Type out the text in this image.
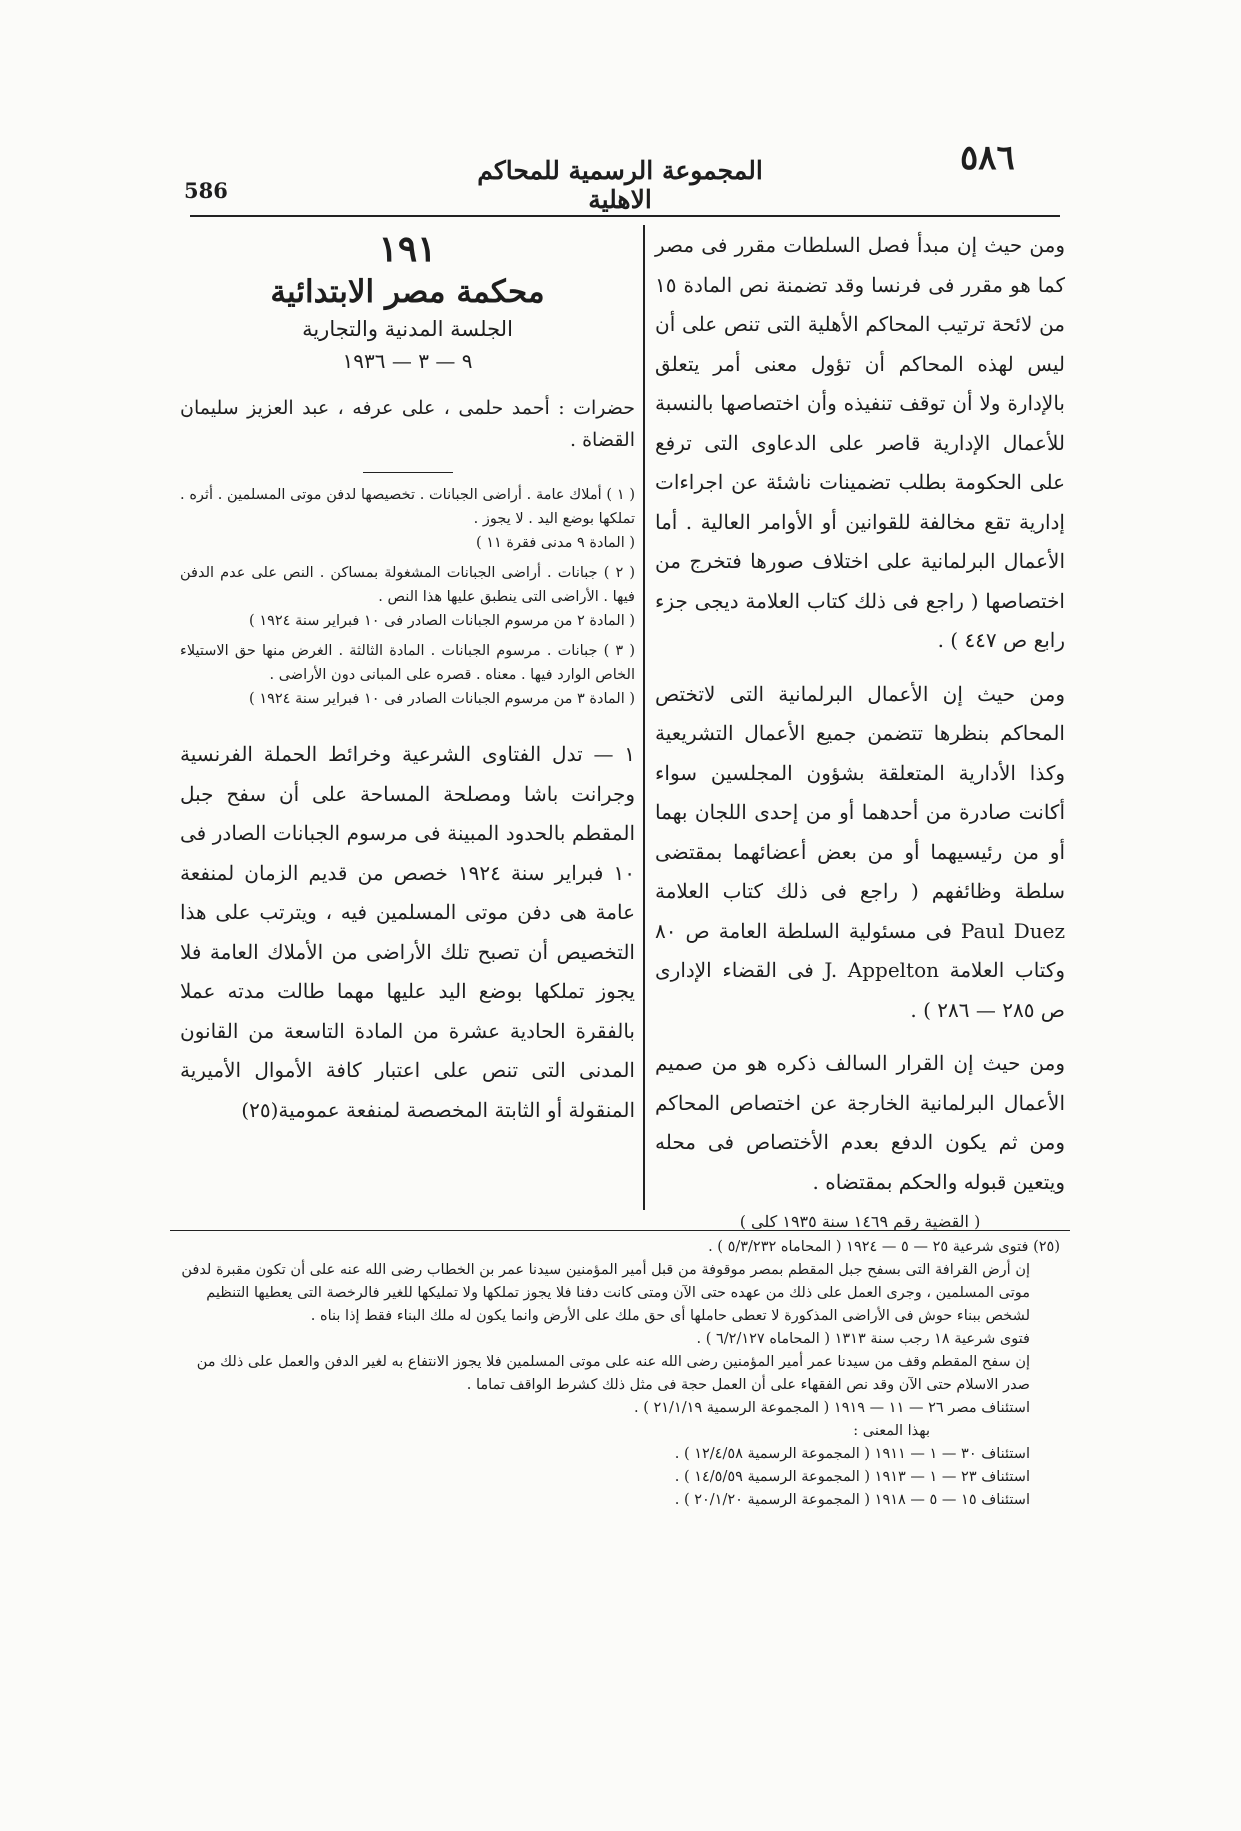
٥٨٦
المجموعة الرسمية للمحاكم الاهلية
586

ومن حيث إن مبدأ فصل السلطات مقرر فى مصر كما هو مقرر فى فرنسا وقد تضمنة نص المادة ١٥ من لائحة ترتيب المحاكم الأهلية التى تنص على أن ليس لهذه المحاكم أن تؤول معنى أمر يتعلق بالإدارة ولا أن توقف تنفيذه وأن اختصاصها بالنسبة للأعمال الإدارية قاصر على الدعاوى التى ترفع على الحكومة بطلب تضمينات ناشئة عن اجراءات إدارية تقع مخالفة للقوانين أو الأوامر العالية . أما الأعمال البرلمانية على اختلاف صورها فتخرج من اختصاصها ( راجع فى ذلك كتاب العلامة ديجى جزء رابع ص ٤٤٧ ) .

ومن حيث إن الأعمال البرلمانية التى لاتختص المحاكم بنظرها تتضمن جميع الأعمال التشريعية وكذا الأدارية المتعلقة بشؤون المجلسين سواء أكانت صادرة من أحدهما أو من إحدى اللجان بهما أو من رئيسيهما أو من بعض أعضائهما بمقتضى سلطة وظائفهم ( راجع فى ذلك كتاب العلامة Paul Duez فى مسئولية السلطة العامة ص ٨٠ وكتاب العلامة J. Appelton فى القضاء الإدارى ص ٢٨٥ — ٢٨٦ ) .

ومن حيث إن القرار السالف ذكره هو من صميم الأعمال البرلمانية الخارجة عن اختصاص المحاكم ومن ثم يكون الدفع بعدم الأختصاص فى محله ويتعين قبوله والحكم بمقتضاه .

( القضية رقم ١٤٦٩ سنة ١٩٣٥ كلى )

١٩١

محكمة مصر الابتدائية

الجلسة المدنية والتجارية

٩ — ٣ — ١٩٣٦

حضرات : أحمد حلمى ، على عرفه ، عبد العزيز سليمان القضاة .

( ١ ) أملاك عامة . أراضى الجبانات . تخصيصها لدفن موتى المسلمين . أثره . تملكها بوضع اليد . لا يجوز .

( المادة ٩ مدنى فقرة ١١ )

( ٢ ) جبانات . أراضى الجبانات المشغولة بمساكن . النص على عدم الدفن فيها . الأراضى التى ينطبق عليها هذا النص .

( المادة ٢ من مرسوم الجبانات الصادر فى ١٠ فبراير سنة ١٩٢٤ )

( ٣ ) جبانات . مرسوم الجبانات . المادة الثالثة . الغرض منها حق الاستيلاء الخاص الوارد فيها . معناه . قصره على المبانى دون الأراضى .

( المادة ٣ من مرسوم الجبانات الصادر فى ١٠ فبراير سنة ١٩٢٤ )

١ — تدل الفتاوى الشرعية وخرائط الحملة الفرنسية وجرانت باشا ومصلحة المساحة على أن سفح جبل المقطم بالحدود المبينة فى مرسوم الجبانات الصادر فى ١٠ فبراير سنة ١٩٢٤ خصص من قديم الزمان لمنفعة عامة هى دفن موتى المسلمين فيه ، ويترتب على هذا التخصيص أن تصبح تلك الأراضى من الأملاك العامة فلا يجوز تملكها بوضع اليد عليها مهما طالت مدته عملا بالفقرة الحادية عشرة من المادة التاسعة من القانون المدنى التى تنص على اعتبار كافة الأموال الأميرية المنقولة أو الثابتة المخصصة لمنفعة عمومية(٢٥)

(٢٥) فتوى شرعية ٢٥ — ٥ — ١٩٢٤ ( المحاماه ٥/٣/٢٣٢ ) .

إن أرض القرافة التى بسفح جبل المقطم بمصر موقوفة من قبل أمير المؤمنين سيدنا عمر بن الخطاب رضى الله عنه على أن تكون مقبرة لدفن موتى المسلمين ، وجرى العمل على ذلك من عهده حتى الآن ومتى كانت دفنا فلا يجوز تملكها ولا تمليكها للغير فالرخصة التى يعطيها التنظيم لشخص ببناء حوش فى الأراضى المذكورة لا تعطى حاملها أى حق ملك على الأرض وانما يكون له ملك البناء فقط إذا بناه .

فتوى شرعية ١٨ رجب سنة ١٣١٣ ( المحاماه ٦/٢/١٢٧ ) .

إن سفح المقطم وقف من سيدنا عمر أمير المؤمنين رضى الله عنه على موتى المسلمين فلا يجوز الانتفاع به لغير الدفن والعمل على ذلك من صدر الاسلام حتى الآن وقد نص الفقهاء على أن العمل حجة فى مثل ذلك كشرط الواقف تماما .

استئناف مصر ٢٦ — ١١ — ١٩١٩ ( المجموعة الرسمية ٢١/١/١٩ ) .

بهذا المعنى :

استئناف ٣٠ — ١ — ١٩١١ ( المجموعة الرسمية ١٢/٤/٥٨ ) .

استئناف ٢٣ — ١ — ١٩١٣ ( المجموعة الرسمية ١٤/٥/٥٩ ) .

استئناف ١٥ — ٥ — ١٩١٨ ( المجموعة الرسمية ٢٠/١/٢٠ ) .
